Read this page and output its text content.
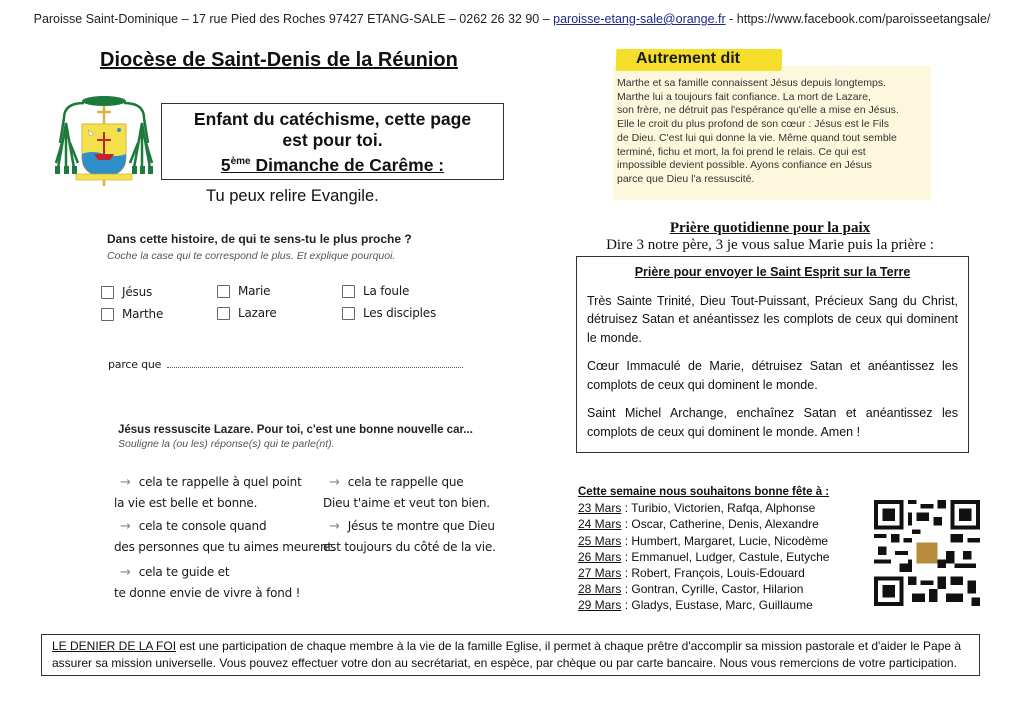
Paroisse Saint-Dominique – 17 rue Pied des Roches 97427 ETANG-SALE – 0262 26 32 90 – paroisse-etang-sale@orange.fr - https://www.facebook.com/paroisseetangsale/
Diocèse de Saint-Denis de la Réunion
Enfant du catéchisme, cette page
est pour toi.
5ème Dimanche de Carême :
Tu peux relire Evangile.
Dans cette histoire, de qui te sens-tu le plus proche ?
Coche la case qui te correspond le plus. Et explique pourquoi.
Jésus
Marthe
Marie
Lazare
La foule
Les disciples
parce que
Jésus ressuscite Lazare. Pour toi, c'est une bonne nouvelle car...
Souligne la (ou les) réponse(s) qui te parle(nt).
→ cela te rappelle à quel point
la vie est belle et bonne.
→ cela te rappelle que
Dieu t'aime et veut ton bien.
→ cela te console quand
des personnes que tu aimes meurent.
→ Jésus te montre que Dieu
est toujours du côté de la vie.
→ cela te guide et
te donne envie de vivre à fond !
Marthe et sa famille connaissent Jésus depuis longtemps.
Marthe lui a toujours fait confiance. La mort de Lazare,
son frère, ne détruit pas l'espérance qu'elle a mise en Jésus.
Elle le croit du plus profond de son cœur : Jésus est le Fils
de Dieu. C'est lui qui donne la vie. Même quand tout semble
terminé, fichu et mort, la foi prend le relais. Ce qui est
impossible devient possible. Ayons confiance en Jésus
parce que Dieu l'a ressuscité.
Autrement dit
Prière quotidienne pour la paix
Dire 3 notre père, 3 je vous salue Marie puis la prière :
Prière pour envoyer le Saint Esprit sur la Terre

Très Sainte Trinité, Dieu Tout-Puissant, Précieux Sang du Christ, détruisez Satan et anéantissez les complots de ceux qui dominent le monde.

Cœur Immaculé de Marie, détruisez Satan et anéantissez les complots de ceux qui dominent le monde.

Saint Michel Archange, enchaînez Satan et anéantissez les complots de ceux qui dominent le monde. Amen !

Cette semaine nous souhaitons bonne fête à :
23 Mars : Turibio, Victorien, Rafqa, Alphonse
24 Mars : Oscar, Catherine, Denis, Alexandre
25 Mars : Humbert, Margaret, Lucie, Nicodème
26 Mars : Emmanuel, Ludger, Castule, Eutyche
27 Mars : Robert, François, Louis-Edouard
28 Mars : Gontran, Cyrille, Castor, Hilarion
29 Mars : Gladys, Eustase, Marc, Guillaume
LE DENIER DE LA FOI est une participation de chaque membre à la vie de la famille Eglise, il permet à chaque prêtre d'accomplir sa mission pastorale et d'aider le Pape à assurer sa mission universelle. Vous pouvez effectuer votre don au secrétariat, en espèce, par chèque ou par carte bancaire. Nous vous remercions de votre participation.
